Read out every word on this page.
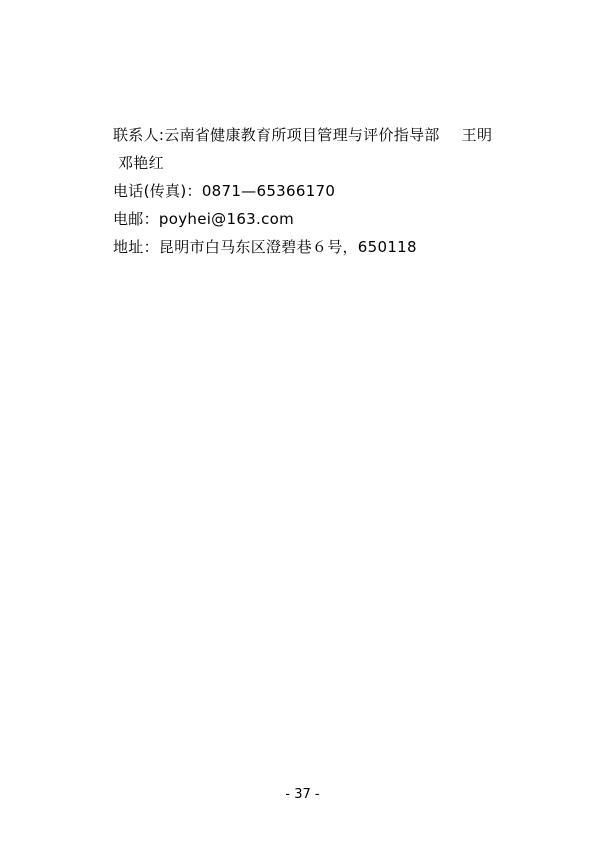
联系人:云南省健康教育所项目管理与评价指导部 王明邓艳红

电话(传真)：0871—65366170

电邮：poyhei@163.com

地址：昆明市白马东区澄碧巷６号，650118

- 37 -
